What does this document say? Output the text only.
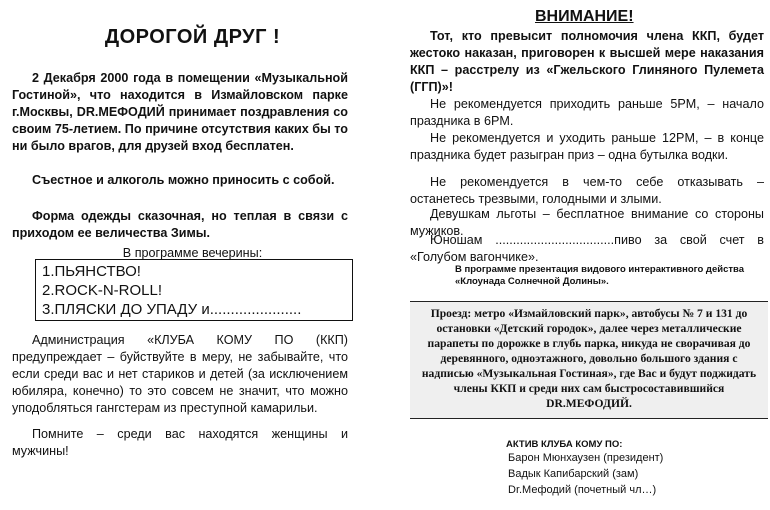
ДОРОГОЙ ДРУГ !
2 Декабря 2000 года в помещении «Музыкальной Гостиной», что находится в Измайловском парке г.Москвы, DR.МЕФОДИЙ принимает поздравления со своим 75-летием. По причине отсутствия каких бы то ни было врагов, для друзей вход бесплатен.
Съестное и алкоголь можно приносить с собой.
Форма одежды сказочная, но теплая в связи с приходом ее величества Зимы.
В программе вечерины:
1.ПЬЯНСТВО!
2.ROCK-N-ROLL!
3.ПЛЯСКИ ДО УПАДУ и......................
Администрация «КЛУБА КОМУ ПО (ККП) предупреждает – буйствуйте в меру, не забывайте, что если среди вас и нет стариков и детей (за исключением юбиляра, конечно) то это совсем не значит, что можно уподобляться гангстерам из преступной камарильи.
Помните – среди вас находятся женщины и мужчины!
ВНИМАНИЕ!
Тот, кто превысит полномочия члена ККП, будет жестоко наказан, приговорен к высшей мере наказания ККП – расстрелу из «Гжельского Глиняного Пулемета (ГГП)»!
Не рекомендуется приходить раньше 5PM, – начало праздника в 6PM.
Не рекомендуется и уходить раньше 12PM, – в конце праздника будет разыгран приз – одна бутылка водки.
Не рекомендуется в чем-то себе отказывать – останетесь трезвыми, голодными и злыми.
Девушкам льготы – бесплатное внимание со стороны мужиков.
Юношам ..................................пиво за свой счет в «Голубом вагончике».
В программе презентация видового интерактивного действа «Клоунада Солнечной Долины».
Проезд: метро «Измайловский парк», автобусы № 7 и 131 до остановки «Детский городок», далее через металлические парапеты по дорожке в глубь парка, никуда не сворачивая до деревянного, одноэтажного, довольно большого здания с надписью «Музыкальная Гостиная», где Вас и будут поджидать члены ККП и среди них сам быстросоставившийся DR.МЕФОДИЙ.
АКТИВ КЛУБА КОМУ ПО:
Барон Мюнхаузен (президент)
Вадык Капибарский (зам)
Dr.Мефодий (почетный чл…)
